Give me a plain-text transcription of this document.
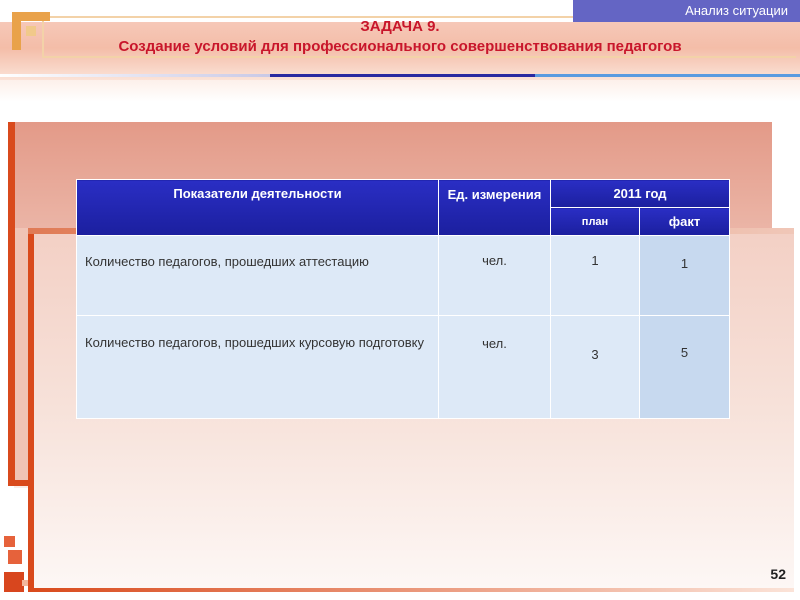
Анализ ситуации
ЗАДАЧА 9.
Создание условий для профессионального совершенствования педагогов
Показатели деятельности	Ед. измерения	2011 год	
		план	факт
Количество педагогов, прошедших аттестацию	чел.	1	1
Количество педагогов, прошедших курсовую подготовку	чел.	3	5
52
